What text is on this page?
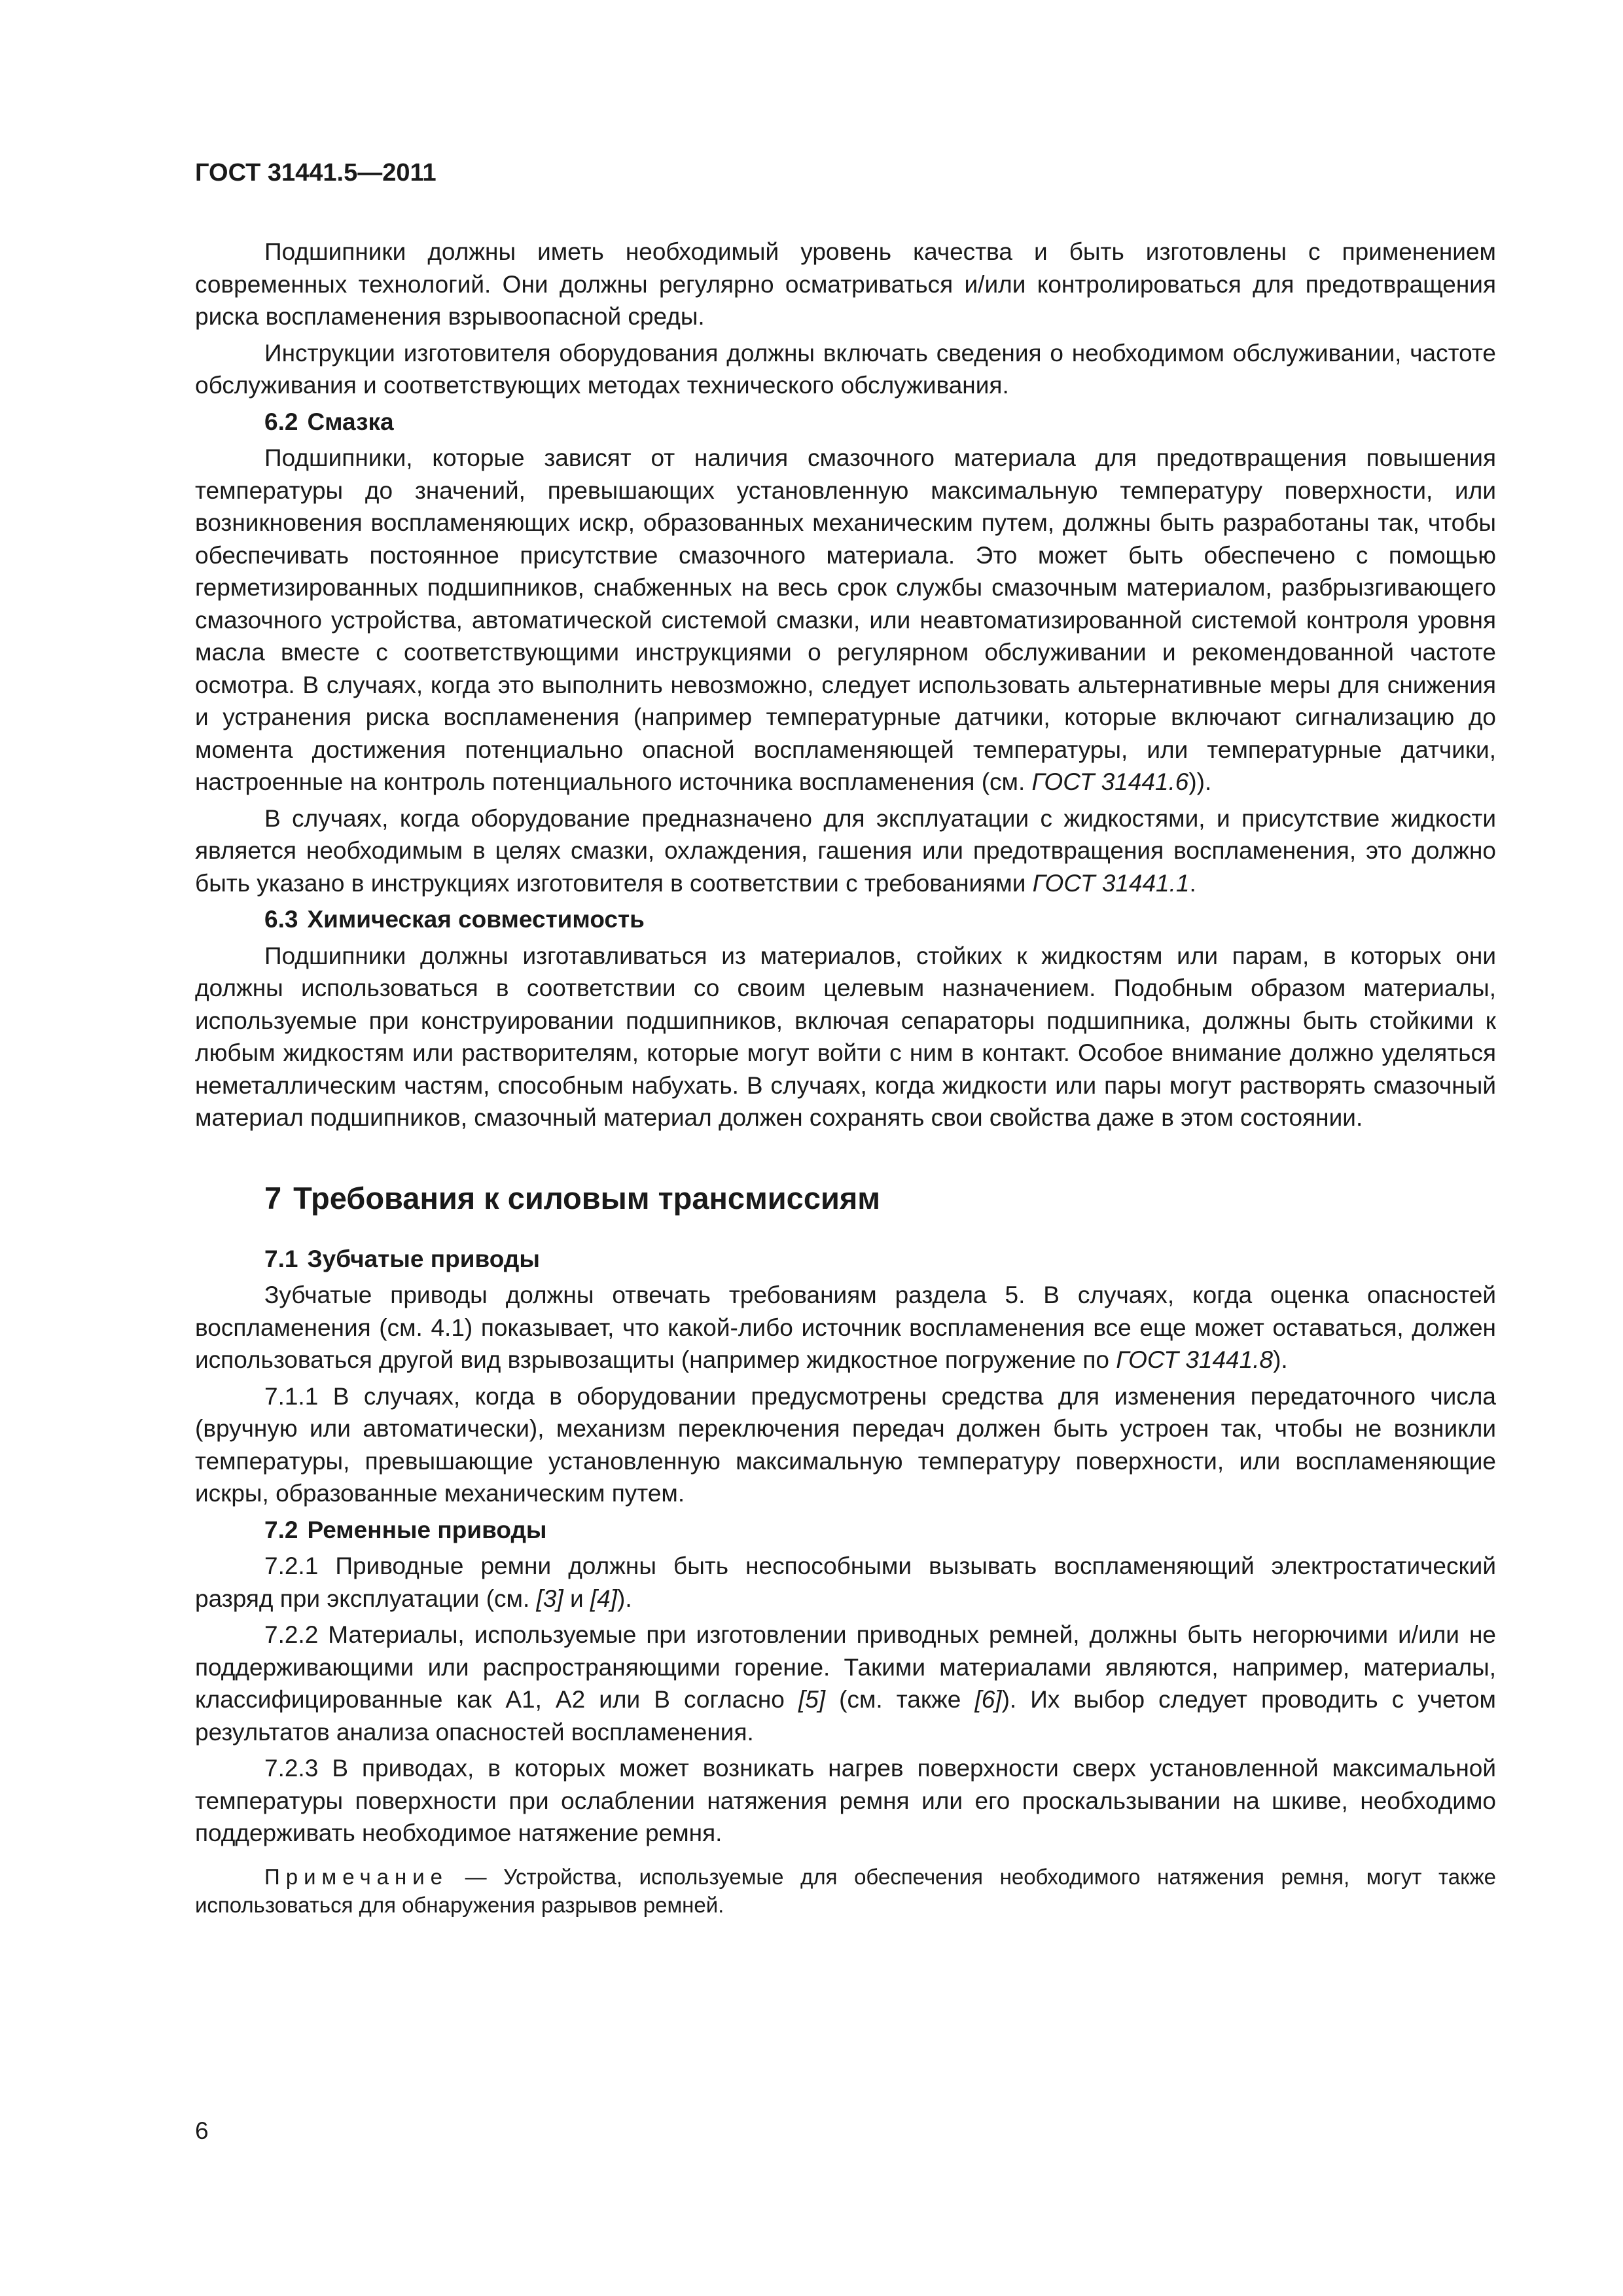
ГОСТ 31441.5—2011

Подшипники должны иметь необходимый уровень качества и быть изготовлены с применением современных технологий. Они должны регулярно осматриваться и/или контролироваться для предотвращения риска воспламенения взрывоопасной среды.

Инструкции изготовителя оборудования должны включать сведения о необходимом обслуживании, частоте обслуживания и соответствующих методах технического обслуживания.

6.2 Смазка

Подшипники, которые зависят от наличия смазочного материала для предотвращения повышения температуры до значений, превышающих установленную максимальную температуру поверхности, или возникновения воспламеняющих искр, образованных механическим путем, должны быть разработаны так, чтобы обеспечивать постоянное присутствие смазочного материала. Это может быть обеспечено с помощью герметизированных подшипников, снабженных на весь срок службы смазочным материалом, разбрызгивающего смазочного устройства, автоматической системой смазки, или неавтоматизированной системой контроля уровня масла вместе с соответствующими инструкциями о регулярном обслуживании и рекомендованной частоте осмотра. В случаях, когда это выполнить невозможно, следует использовать альтернативные меры для снижения и устранения риска воспламенения (например температурные датчики, которые включают сигнализацию до момента достижения потенциально опасной воспламеняющей температуры, или температурные датчики, настроенные на контроль потенциального источника воспламенения (см. ГОСТ 31441.6)).

В случаях, когда оборудование предназначено для эксплуатации с жидкостями, и присутствие жидкости является необходимым в целях смазки, охлаждения, гашения или предотвращения воспламенения, это должно быть указано в инструкциях изготовителя в соответствии с требованиями ГОСТ 31441.1.

6.3 Химическая совместимость

Подшипники должны изготавливаться из материалов, стойких к жидкостям или парам, в которых они должны использоваться в соответствии со своим целевым назначением. Подобным образом материалы, используемые при конструировании подшипников, включая сепараторы подшипника, должны быть стойкими к любым жидкостям или растворителям, которые могут войти с ним в контакт. Особое внимание должно уделяться неметаллическим частям, способным набухать. В случаях, когда жидкости или пары могут растворять смазочный материал подшипников, смазочный материал должен сохранять свои свойства даже в этом состоянии.

7 Требования к силовым трансмиссиям
7.1 Зубчатые приводы

Зубчатые приводы должны отвечать требованиям раздела 5. В случаях, когда оценка опасностей воспламенения (см. 4.1) показывает, что какой-либо источник воспламенения все еще может оставаться, должен использоваться другой вид взрывозащиты (например жидкостное погружение по ГОСТ 31441.8).

7.1.1 В случаях, когда в оборудовании предусмотрены средства для изменения передаточного числа (вручную или автоматически), механизм переключения передач должен быть устроен так, чтобы не возникли температуры, превышающие установленную максимальную температуру поверхности, или воспламеняющие искры, образованные механическим путем.

7.2 Ременные приводы

7.2.1 Приводные ремни должны быть неспособными вызывать воспламеняющий электростатический разряд при эксплуатации (см. [3] и [4]).

7.2.2 Материалы, используемые при изготовлении приводных ремней, должны быть негорючими и/или не поддерживающими или распространяющими горение. Такими материалами являются, например, материалы, классифицированные как А1, А2 или В согласно [5] (см. также [6]). Их выбор следует проводить с учетом результатов анализа опасностей воспламенения.

7.2.3 В приводах, в которых может возникать нагрев поверхности сверх установленной максимальной температуры поверхности при ослаблении натяжения ремня или его проскальзывании на шкиве, необходимо поддерживать необходимое натяжение ремня.

Примечание — Устройства, используемые для обеспечения необходимого натяжения ремня, могут также использоваться для обнаружения разрывов ремней.

6
